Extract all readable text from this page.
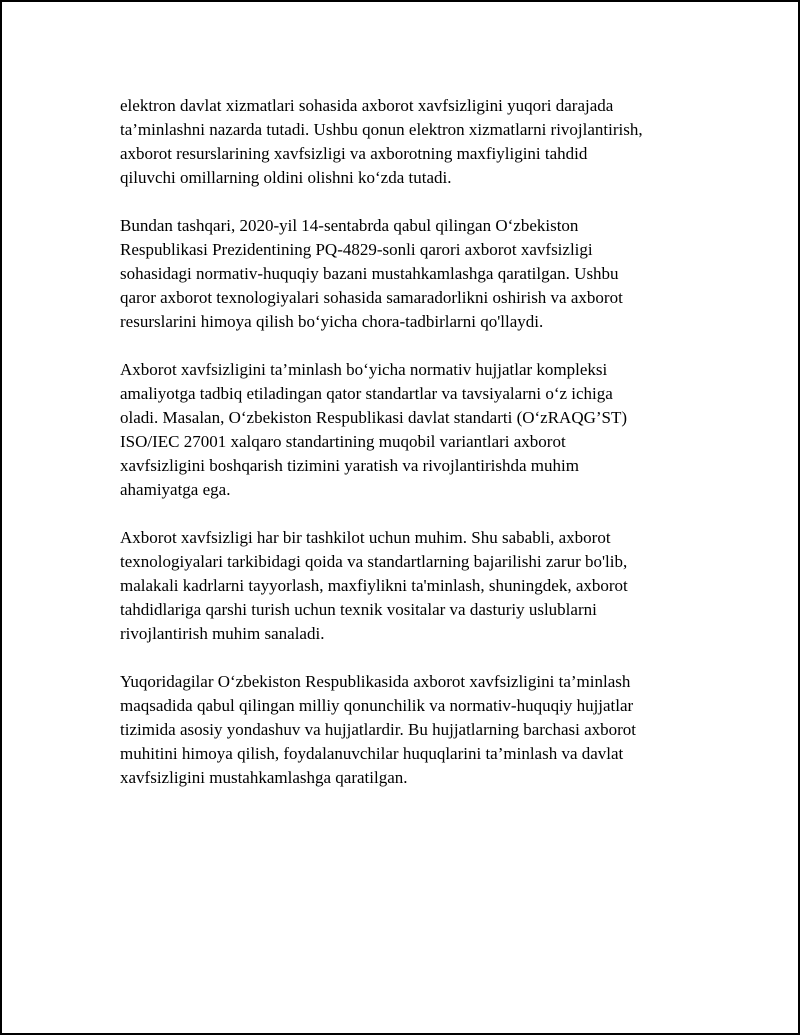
elektron davlat xizmatlari sohasida axborot xavfsizligini yuqori darajada
ta’minlashni nazarda tutadi. Ushbu qonun elektron xizmatlarni rivojlantirish,
axborot resurslarining xavfsizligi va axborotning maxfiyligini tahdid
qiluvchi omillarning oldini olishni ko‘zda tutadi.

Bundan tashqari, 2020-yil 14-sentabrda qabul qilingan O‘zbekiston
Respublikasi Prezidentining PQ-4829-sonli qarori axborot xavfsizligi
sohasidagi normativ-huquqiy bazani mustahkamlashga qaratilgan. Ushbu
qaror axborot texnologiyalari sohasida samaradorlikni oshirish va axborot
resurslarini himoya qilish bo‘yicha chora-tadbirlarni qo'llaydi.

Axborot xavfsizligini ta’minlash bo‘yicha normativ hujjatlar kompleksi
amaliyotga tadbiq etiladingan qator standartlar va tavsiyalarni o‘z ichiga
oladi. Masalan, O‘zbekiston Respublikasi davlat standarti (O‘zRAQG’ST)
ISO/IEC 27001 xalqaro standartining muqobil variantlari axborot
xavfsizligini boshqarish tizimini yaratish va rivojlantirishda muhim
ahamiyatga ega.

Axborot xavfsizligi har bir tashkilot uchun muhim. Shu sababli, axborot
texnologiyalari tarkibidagi qoida va standartlarning bajarilishi zarur bo'lib,
malakali kadrlarni tayyorlash, maxfiylikni ta'minlash, shuningdek, axborot
tahdidlariga qarshi turish uchun texnik vositalar va dasturiy uslublarni
rivojlantirish muhim sanaladi.

Yuqoridagilar O‘zbekiston Respublikasida axborot xavfsizligini ta’minlash
maqsadida qabul qilingan milliy qonunchilik va normativ-huquqiy hujjatlar
tizimida asosiy yondashuv va hujjatlardir. Bu hujjatlarning barchasi axborot
muhitini himoya qilish, foydalanuvchilar huquqlarini ta’minlash va davlat
xavfsizligini mustahkamlashga qaratilgan.
